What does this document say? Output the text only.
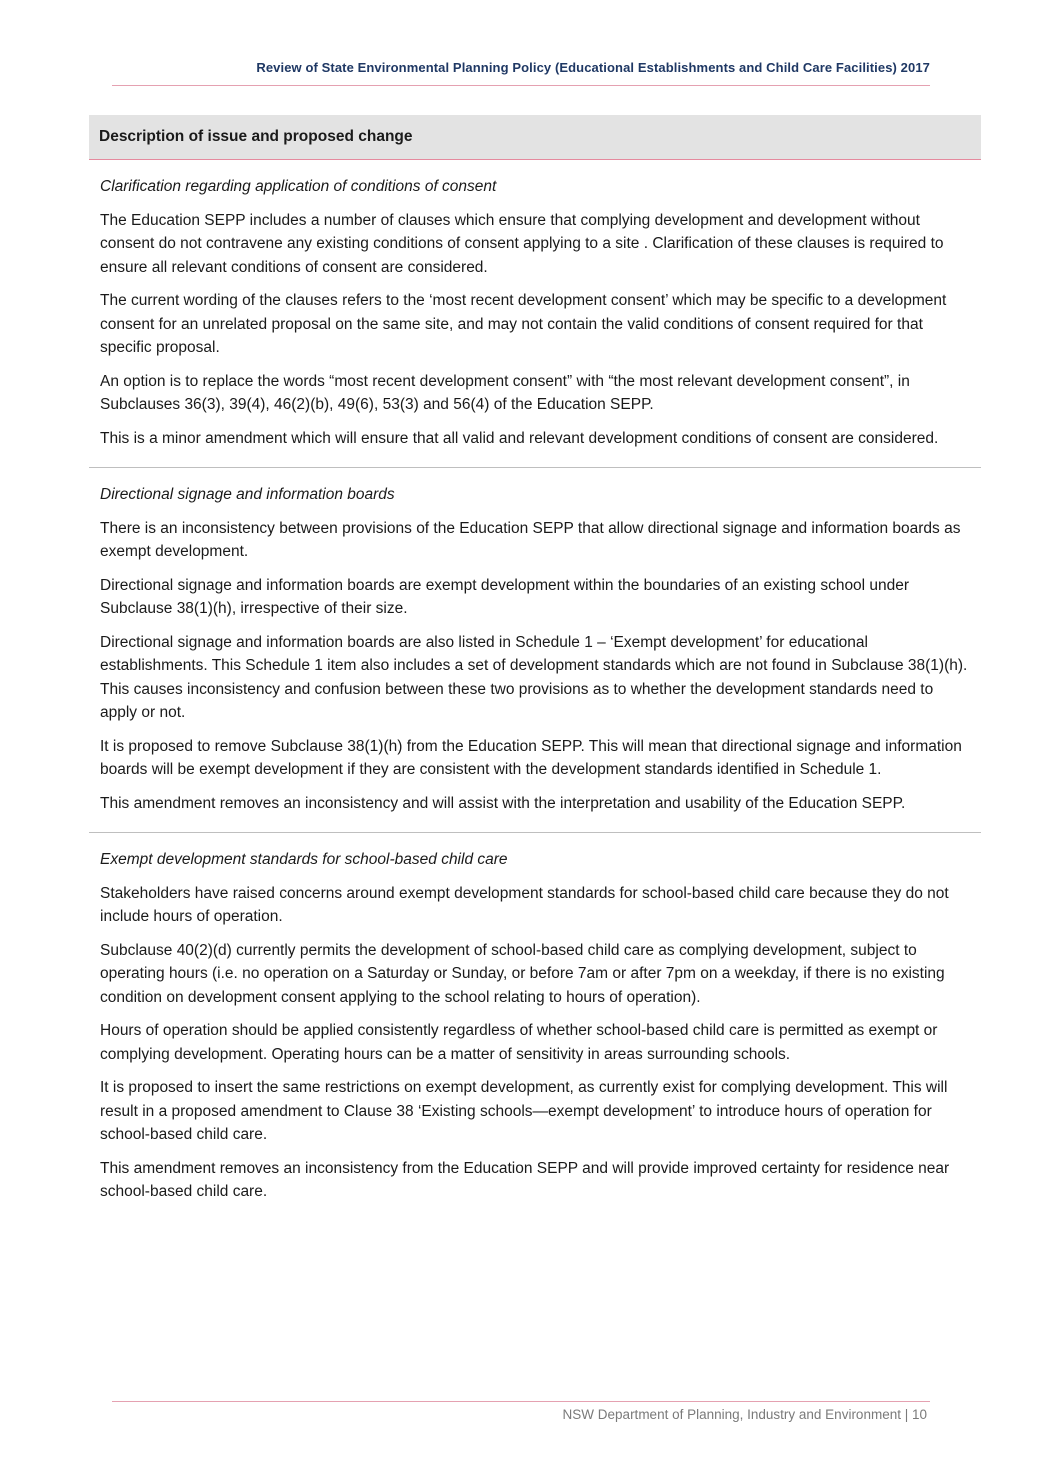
Review of State Environmental Planning Policy (Educational Establishments and Child Care Facilities) 2017
Description of issue and proposed change

Clarification regarding application of conditions of consent

The Education SEPP includes a number of clauses which ensure that complying development and development without consent do not contravene any existing conditions of consent applying to a site . Clarification of these clauses is required to ensure all relevant conditions of consent are considered.

The current wording of the clauses refers to the ‘most recent development consent’ which may be specific to a development consent for an unrelated proposal on the same site, and may not contain the valid conditions of consent required for that specific proposal.

An option is to replace the words “most recent development consent” with “the most relevant development consent”, in Subclauses 36(3), 39(4), 46(2)(b), 49(6), 53(3) and 56(4) of the Education SEPP.

This is a minor amendment which will ensure that all valid and relevant development conditions of consent are considered.

Directional signage and information boards

There is an inconsistency between provisions of the Education SEPP that allow directional signage and information boards as exempt development.

Directional signage and information boards are exempt development within the boundaries of an existing school under Subclause 38(1)(h), irrespective of their size.

Directional signage and information boards are also listed in Schedule 1 – ‘Exempt development’ for educational establishments. This Schedule 1 item also includes a set of development standards which are not found in Subclause 38(1)(h). This causes inconsistency and confusion between these two provisions as to whether the development standards need to apply or not.

It is proposed to remove Subclause 38(1)(h) from the Education SEPP. This will mean that directional signage and information boards will be exempt development if they are consistent with the development standards identified in Schedule 1.

This amendment removes an inconsistency and will assist with the interpretation and usability of the Education SEPP.

Exempt development standards for school-based child care

Stakeholders have raised concerns around exempt development standards for school-based child care because they do not include hours of operation.

Subclause 40(2)(d) currently permits the development of school-based child care as complying development, subject to operating hours (i.e. no operation on a Saturday or Sunday, or before 7am or after 7pm on a weekday, if there is no existing condition on development consent applying to the school relating to hours of operation).

Hours of operation should be applied consistently regardless of whether school-based child care is permitted as exempt or complying development. Operating hours can be a matter of sensitivity in areas surrounding schools.

It is proposed to insert the same restrictions on exempt development, as currently exist for complying development. This will result in a proposed amendment to Clause 38 ‘Existing schools—exempt development’ to introduce hours of operation for school-based child care.

This amendment removes an inconsistency from the Education SEPP and will provide improved certainty for residence near school-based child care.

NSW Department of Planning, Industry and Environment | 10
